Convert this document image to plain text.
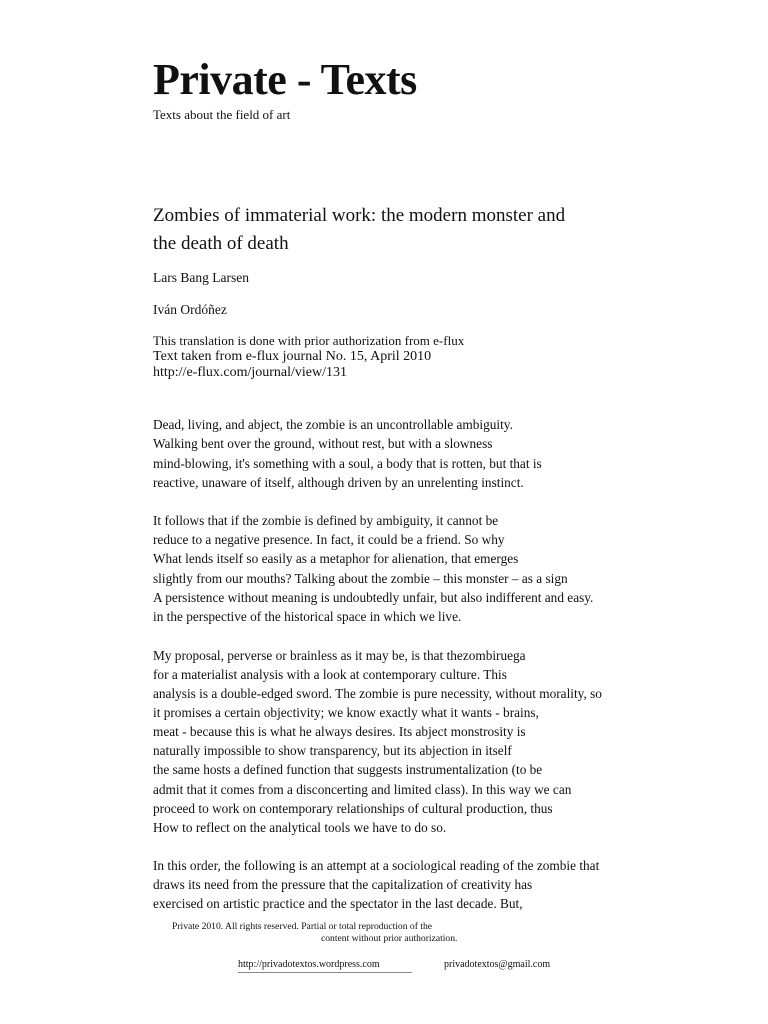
Private - Texts
Texts about the field of art
Zombies of immaterial work: the modern monster and
the death of death
Lars Bang Larsen
Iván Ordóñez
This translation is done with prior authorization from e-flux
Text taken from e-flux journal No. 15, April 2010
http://e-flux.com/journal/view/131
Dead, living, and abject, the zombie is an uncontrollable ambiguity.
Walking bent over the ground, without rest, but with a slowness
mind-blowing, it's something with a soul, a body that is rotten, but that is
reactive, unaware of itself, although driven by an unrelenting instinct.
It follows that if the zombie is defined by ambiguity, it cannot be
reduce to a negative presence. In fact, it could be a friend. So why
What lends itself so easily as a metaphor for alienation, that emerges
slightly from our mouths? Talking about the zombie – this monster – as a sign
A persistence without meaning is undoubtedly unfair, but also indifferent and easy.
in the perspective of the historical space in which we live.
My proposal, perverse or brainless as it may be, is that thezombiruega
for a materialist analysis with a look at contemporary culture. This
analysis is a double-edged sword. The zombie is pure necessity, without morality, so
it promises a certain objectivity; we know exactly what it wants - brains,
meat - because this is what he always desires. Its abject monstrosity is
naturally impossible to show transparency, but its abjection in itself
the same hosts a defined function that suggests instrumentalization (to be
admit that it comes from a disconcerting and limited class). In this way we can
proceed to work on contemporary relationships of cultural production, thus
How to reflect on the analytical tools we have to do so.
In this order, the following is an attempt at a sociological reading of the zombie that
draws its need from the pressure that the capitalization of creativity has
exercised on artistic practice and the spectator in the last decade. But,
Private 2010. All rights reserved. Partial or total reproduction of the
content without prior authorization.
http://privadotextos.wordpress.com	privadotextos@gmail.com
